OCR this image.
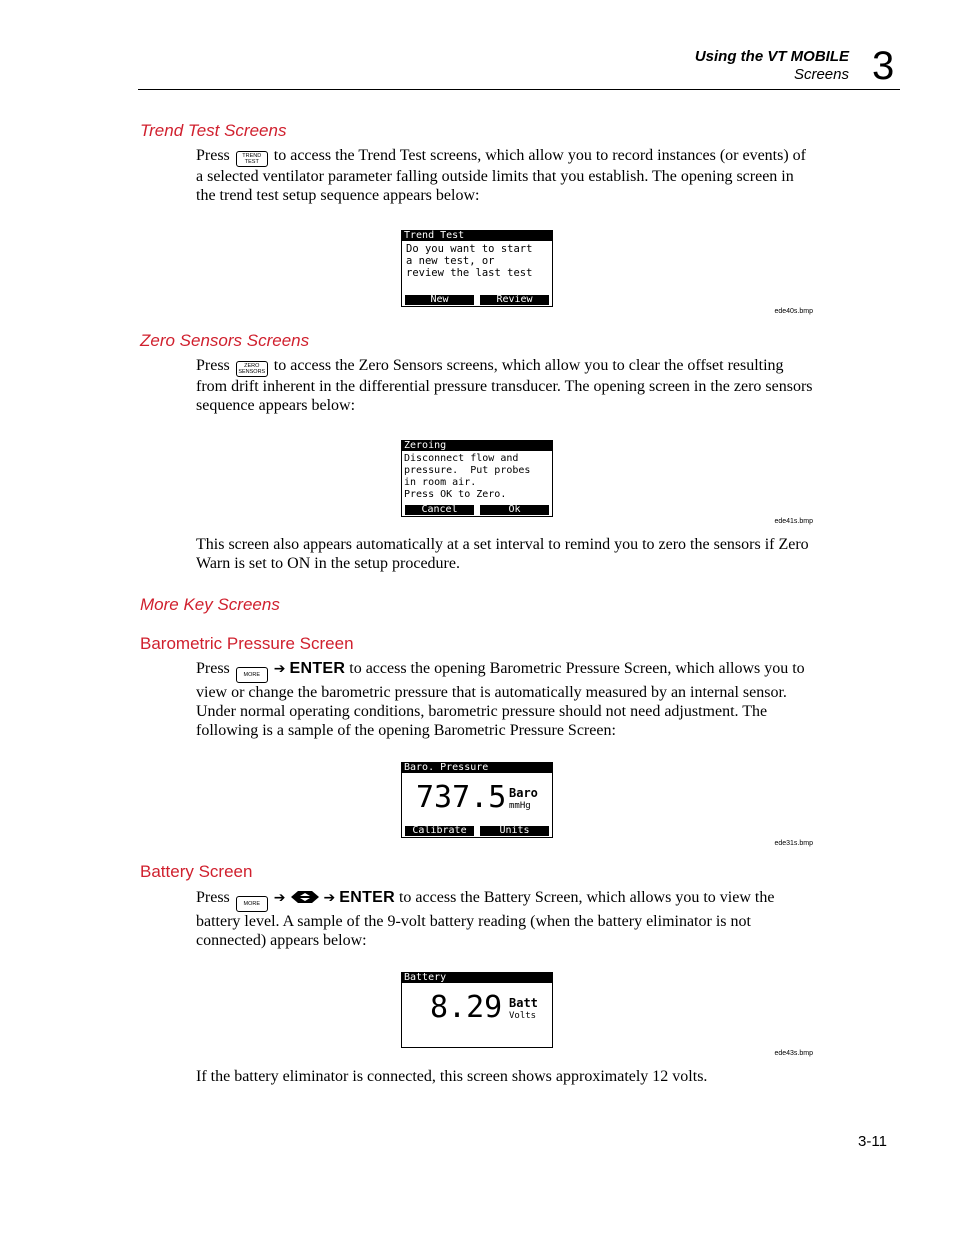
Using the VT MOBILE
Screens 3
Trend Test Screens
Press TREND
TEST to access the Trend Test screens, which allow you to record instances (or events) of a selected ventilator parameter falling outside limits that you establish. The opening screen in the trend test setup sequence appears below:
Trend Test
Do you want to start
a new test, or
review the last test
New	Review
ede40s.bmp
Zero Sensors Screens
Press	ZERO
SENSORS to access the Zero Sensors screens, which allow you to clear the offset resulting from drift inherent in the differential pressure transducer. The opening screen in the zero sensors sequence appears below:
Zeroing
Disconnect flow and
pressure.  Put probes
in room air.
Press OK to Zero.
Cancel	Ok
ede41s.bmp
This screen also appears automatically at a set interval to remind you to zero the sensors if Zero Warn is set to ON in the setup procedure.
More Key Screens
Barometric Pressure Screen
Press	MORE ➔ ENTER to access the opening Barometric Pressure Screen, which allows you to view or change the barometric pressure that is automatically measured by an internal sensor. Under normal operating conditions, barometric pressure should not need adjustment. The following is a sample of the opening Barometric Pressure Screen:
Baro. Pressure
737.5 Baro
mmHg
Calibrate	Units
ede31s.bmp
Battery Screen
Press	MORE ➔	➔ ENTER to access the Battery Screen, which allows you to view the battery level. A sample of the 9-volt battery reading (when the battery eliminator is not connected) appears below:
Battery
8.29 Batt
Volts
ede43s.bmp
If the battery eliminator is connected, this screen shows approximately 12 volts.
3-11
